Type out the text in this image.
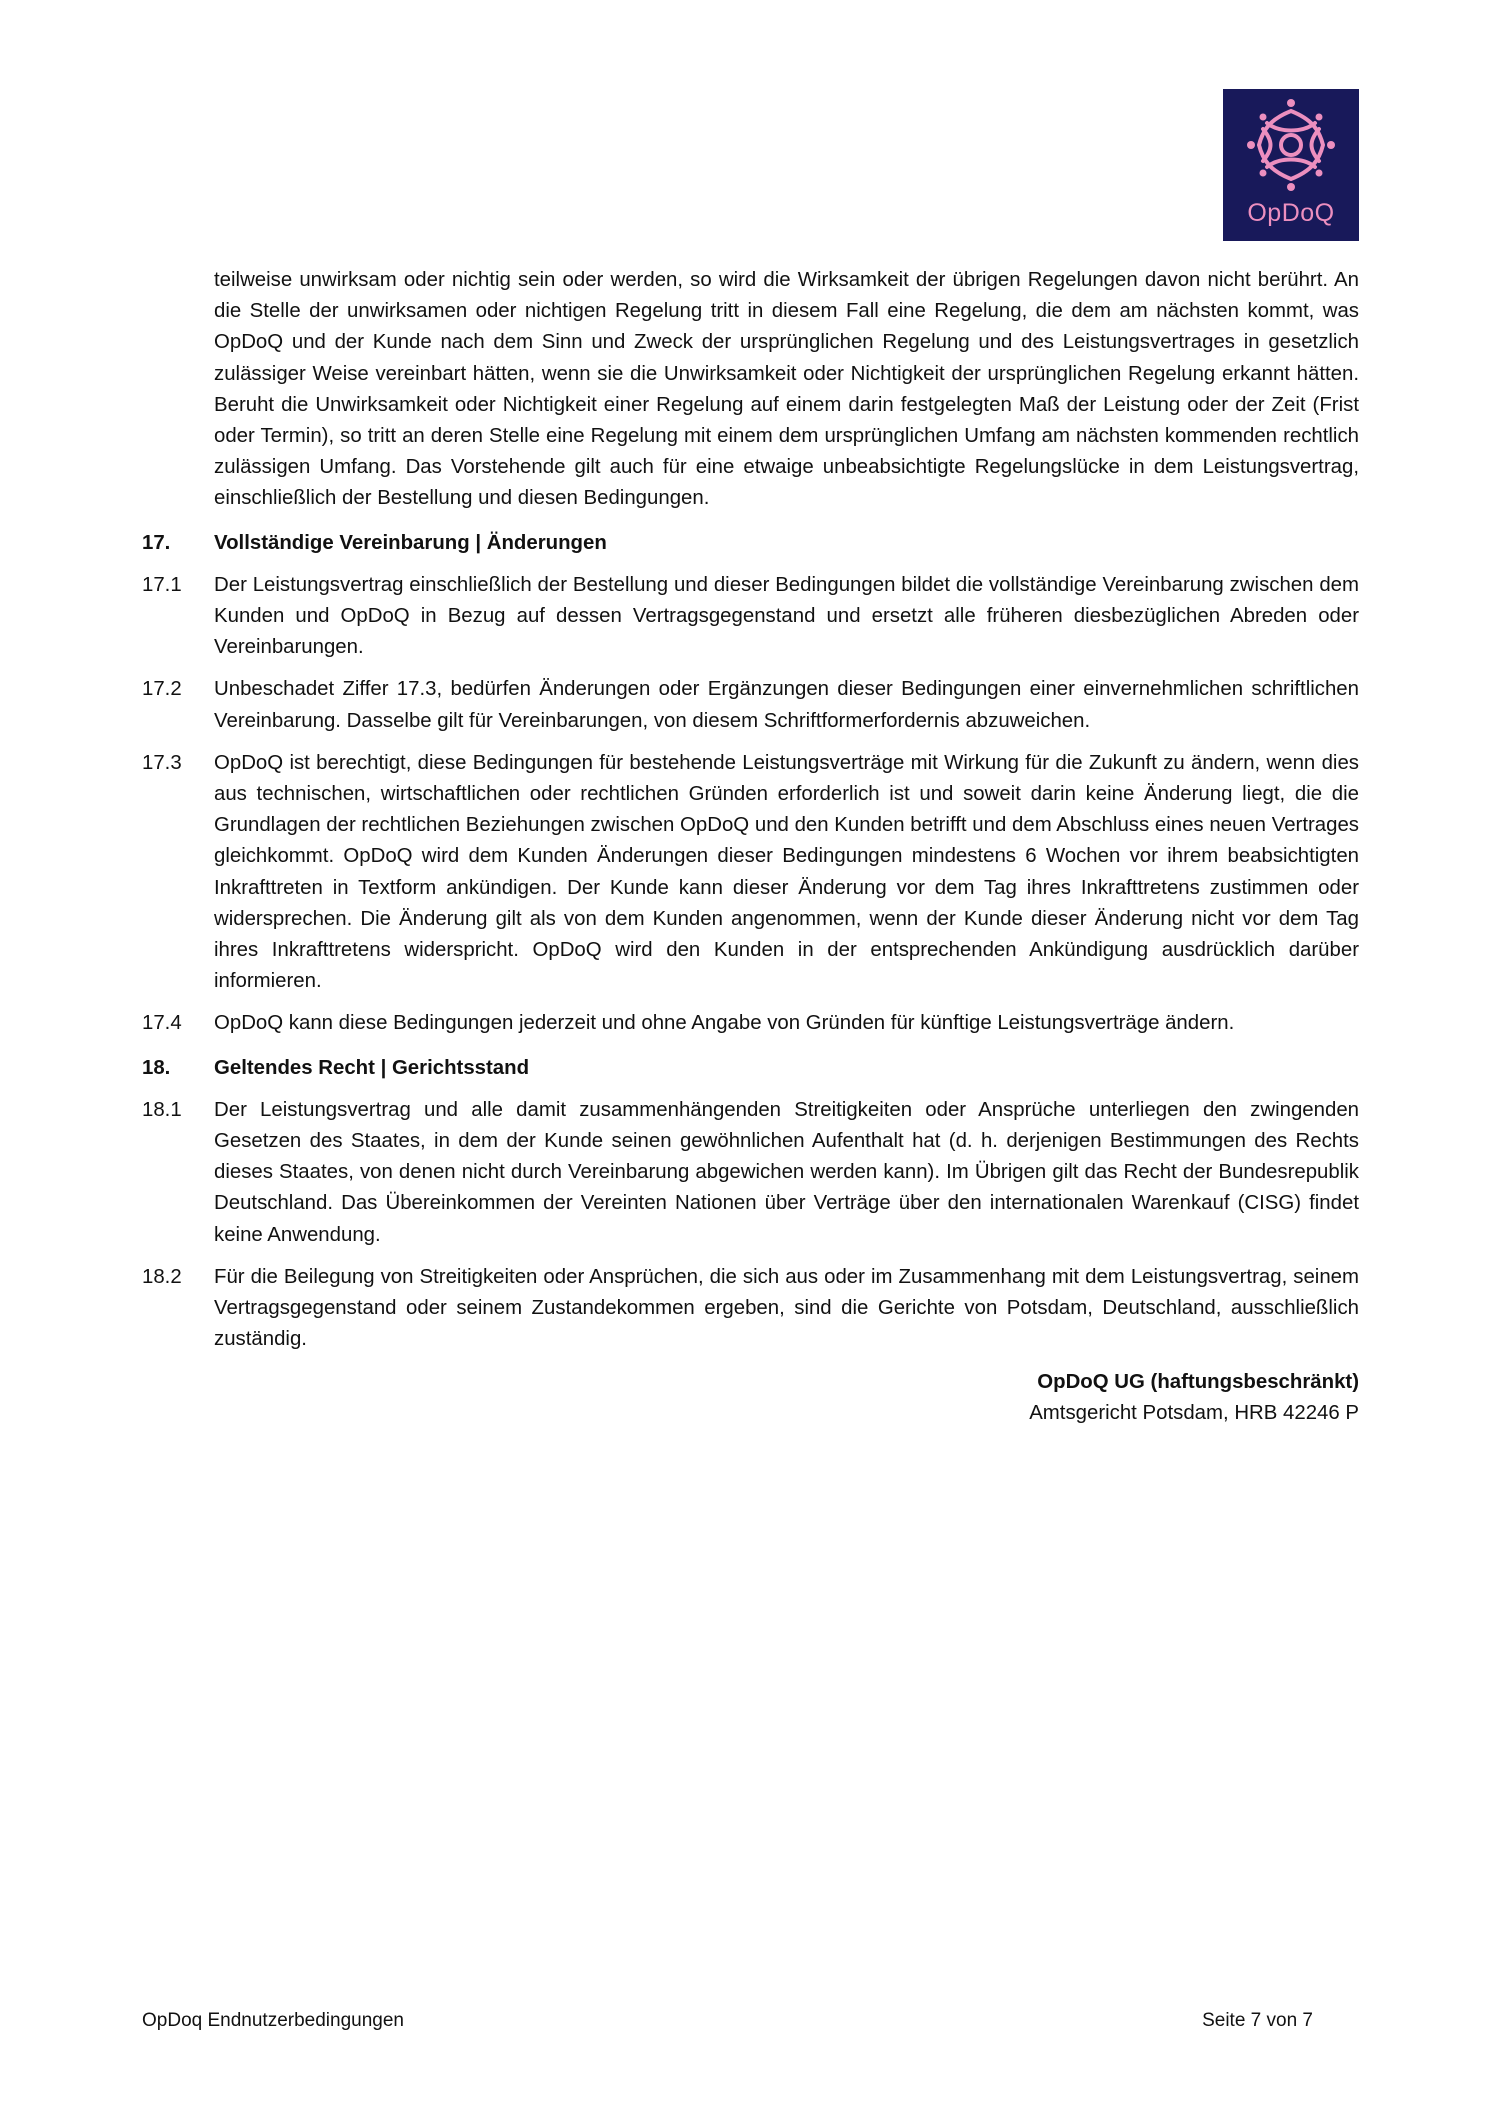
OpDoQ

teilweise unwirksam oder nichtig sein oder werden, so wird die Wirksamkeit der übrigen Regelungen davon nicht berührt. An die Stelle der unwirksamen oder nichtigen Regelung tritt in diesem Fall eine Regelung, die dem am nächsten kommt, was OpDoQ und der Kunde nach dem Sinn und Zweck der ursprünglichen Regelung und des Leistungsvertrages in gesetzlich zulässiger Weise vereinbart hätten, wenn sie die Unwirksamkeit oder Nichtigkeit der ursprünglichen Regelung erkannt hätten. Beruht die Unwirksamkeit oder Nichtigkeit einer Regelung auf einem darin festgelegten Maß der Leistung oder der Zeit (Frist oder Termin), so tritt an deren Stelle eine Regelung mit einem dem ursprünglichen Umfang am nächsten kommenden rechtlich zulässigen Umfang. Das Vorstehende gilt auch für eine etwaige unbeabsichtigte Regelungslücke in dem Leistungsvertrag, einschließlich der Bestellung und diesen Bedingungen.

17.	Vollständige Vereinbarung | Änderungen
17.1	Der Leistungsvertrag einschließlich der Bestellung und dieser Bedingungen bildet die vollständige Vereinbarung zwischen dem Kunden und OpDoQ in Bezug auf dessen Vertragsgegenstand und ersetzt alle früheren diesbezüglichen Abreden oder Vereinbarungen.
17.2	Unbeschadet Ziffer 17.3, bedürfen Änderungen oder Ergänzungen dieser Bedingungen einer einvernehmlichen schriftlichen Vereinbarung. Dasselbe gilt für Vereinbarungen, von diesem Schriftformerfordernis abzuweichen.
17.3	OpDoQ ist berechtigt, diese Bedingungen für bestehende Leistungsverträge mit Wirkung für die Zukunft zu ändern, wenn dies aus technischen, wirtschaftlichen oder rechtlichen Gründen erforderlich ist und soweit darin keine Änderung liegt, die die Grundlagen der rechtlichen Beziehungen zwischen OpDoQ und den Kunden betrifft und dem Abschluss eines neuen Vertrages gleichkommt. OpDoQ wird dem Kunden Änderungen dieser Bedingungen mindestens 6 Wochen vor ihrem beabsichtigten Inkrafttreten in Textform ankündigen. Der Kunde kann dieser Änderung vor dem Tag ihres Inkrafttretens zustimmen oder widersprechen. Die Änderung gilt als von dem Kunden angenommen, wenn der Kunde dieser Änderung nicht vor dem Tag ihres Inkrafttretens widerspricht. OpDoQ wird den Kunden in der entsprechenden Ankündigung ausdrücklich darüber informieren.
17.4	OpDoQ kann diese Bedingungen jederzeit und ohne Angabe von Gründen für künftige Leistungsverträge ändern.
18.	Geltendes Recht | Gerichtsstand
18.1	Der Leistungsvertrag und alle damit zusammenhängenden Streitigkeiten oder Ansprüche unterliegen den zwingenden Gesetzen des Staates, in dem der Kunde seinen gewöhnlichen Aufenthalt hat (d. h. derjenigen Bestimmungen des Rechts dieses Staates, von denen nicht durch Vereinbarung abgewichen werden kann). Im Übrigen gilt das Recht der Bundesrepublik Deutschland. Das Übereinkommen der Vereinten Nationen über Verträge über den internationalen Warenkauf (CISG) findet keine Anwendung.
18.2	Für die Beilegung von Streitigkeiten oder Ansprüchen, die sich aus oder im Zusammenhang mit dem Leistungsvertrag, seinem Vertragsgegenstand oder seinem Zustandekommen ergeben, sind die Gerichte von Potsdam, Deutschland, ausschließlich zuständig.
OpDoQ UG (haftungsbeschränkt)
Amtsgericht Potsdam, HRB 42246 P
OpDoq Endnutzerbedingungen	Seite 7 von 7
